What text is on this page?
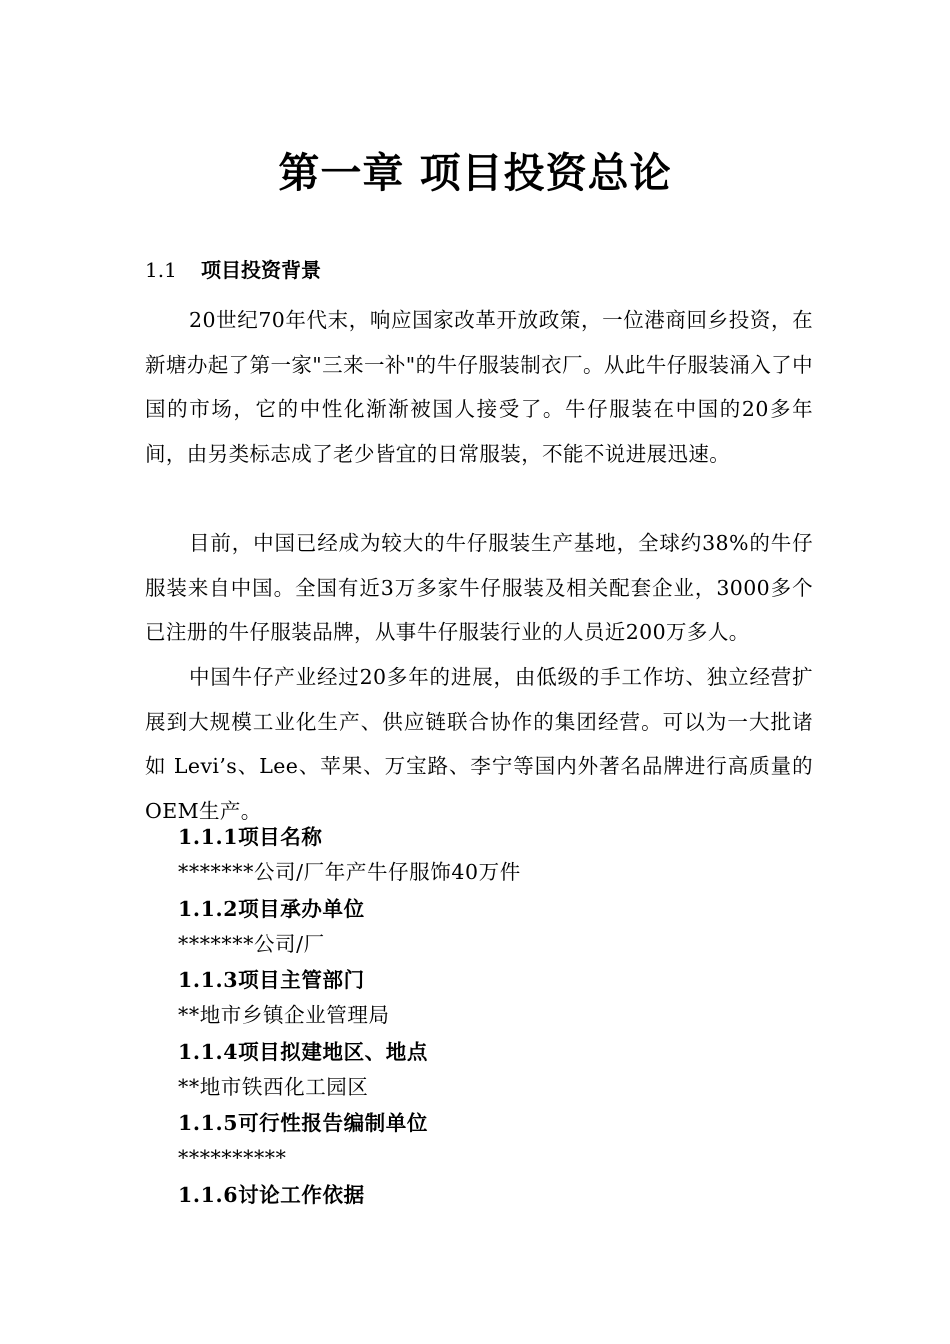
第一章 项目投资总论
1.1 项目投资背景

20世纪70年代末，响应国家改革开放政策，一位港商回乡投资，在新塘办起了第一家"三来一补"的牛仔服装制衣厂。从此牛仔服装涌入了中国的市场，它的中性化渐渐被国人接受了。牛仔服装在中国的20多年间，由另类标志成了老少皆宜的日常服装，不能不说进展迅速。

目前，中国已经成为较大的牛仔服装生产基地，全球约38%的牛仔服装来自中国。全国有近3万多家牛仔服装及相关配套企业，3000多个已注册的牛仔服装品牌，从事牛仔服装行业的人员近200万多人。

中国牛仔产业经过20多年的进展，由低级的手工作坊、独立经营扩展到大规模工业化生产、供应链联合协作的集团经营。可以为一大批诸如 Levi’s、Lee、苹果、万宝路、李宁等国内外著名品牌进行高质量的OEM生产。

1.1.1项目名称
*******公司/厂年产牛仔服饰40万件
1.1.2项目承办单位
*******公司/厂
1.1.3项目主管部门
**地市乡镇企业管理局
1.1.4项目拟建地区、地点
**地市铁西化工园区
1.1.5可行性报告编制单位
**********
1.1.6讨论工作依据
